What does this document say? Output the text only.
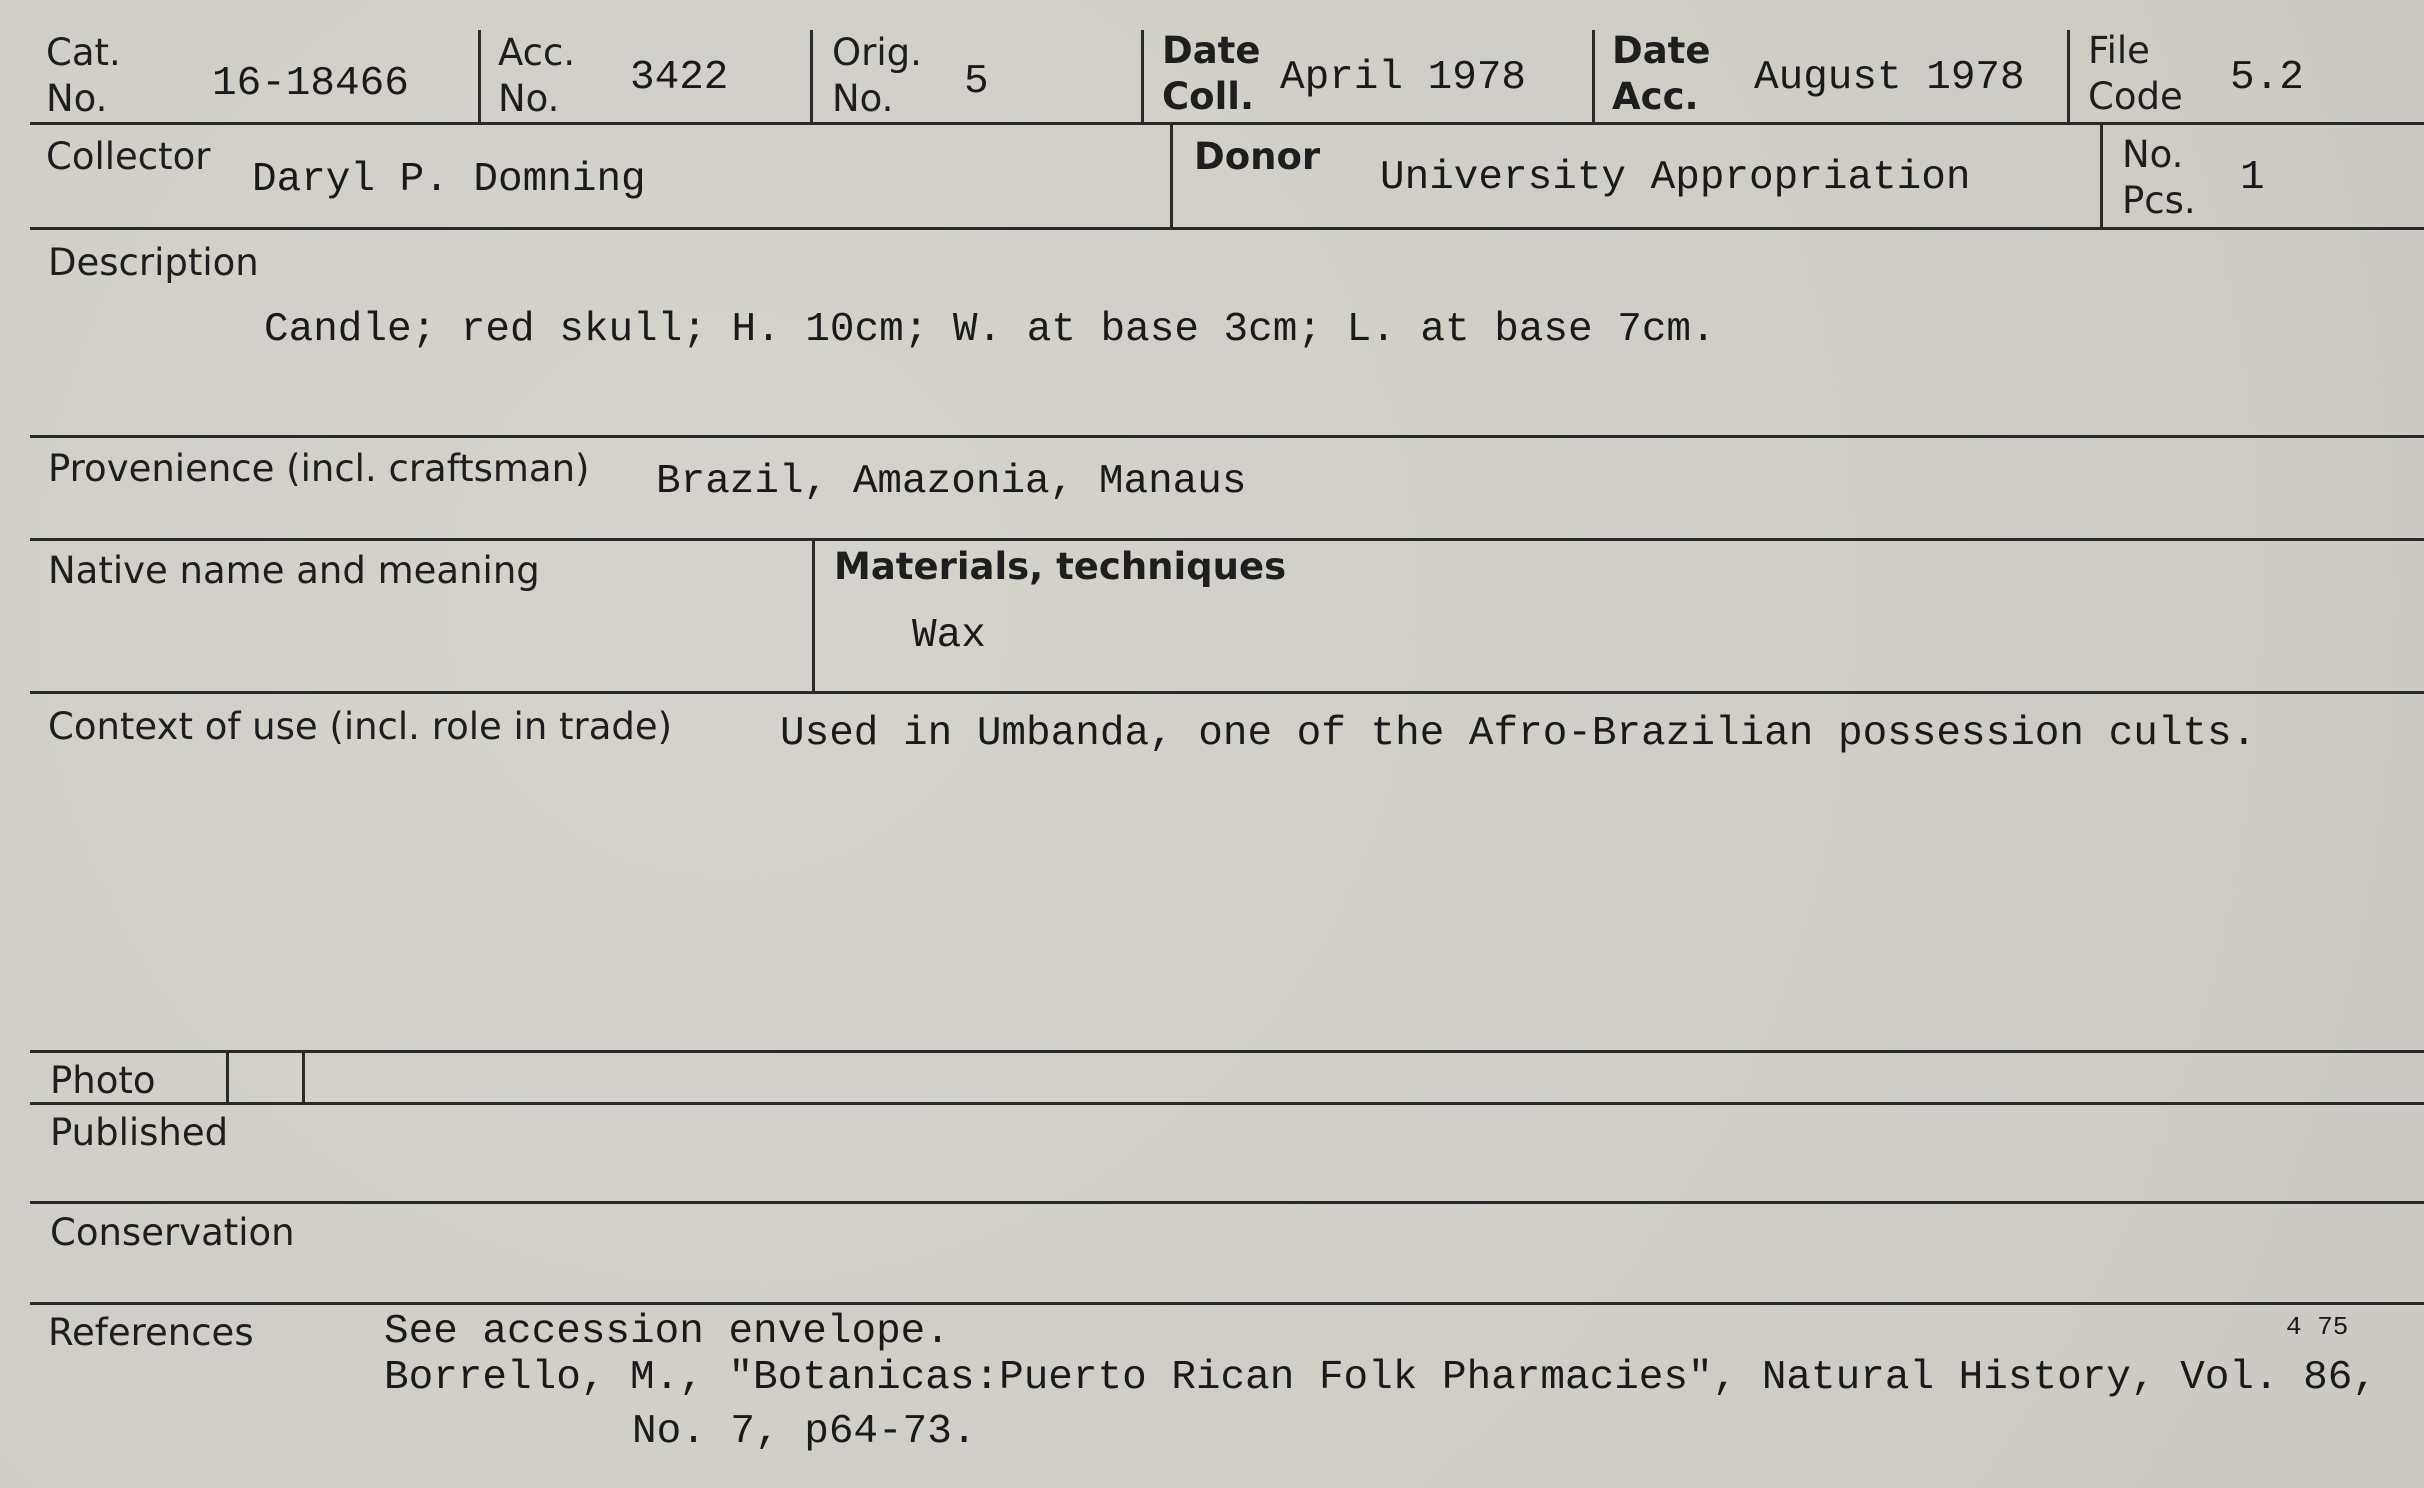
Cat.
No.	16-18466
Acc.
No.	3422
Orig.
No.	5
Date
Coll. April 1978
Date
Acc. August 1978
File
Code 5.2
Collector
Daryl P. Domning
Donor University Appropriation
No.
Pcs. 1
Description
Candle; red skull; H. 10cm; W. at base 3cm; L. at base 7cm.
Provenience (incl. craftsman) Brazil, Amazonia, Manaus
Native name and meaning	Materials, techniques
Wax
Context of use (incl. role in trade)	Used in Umbanda, one of the Afro-Brazilian possession cults.
Photo
Published
Conservation
References	See accession envelope.
Borrello, M., "Botanicas:Puerto Rican Folk Pharmacies", Natural History, Vol. 86,
No. 7, p64-73.
4 75
